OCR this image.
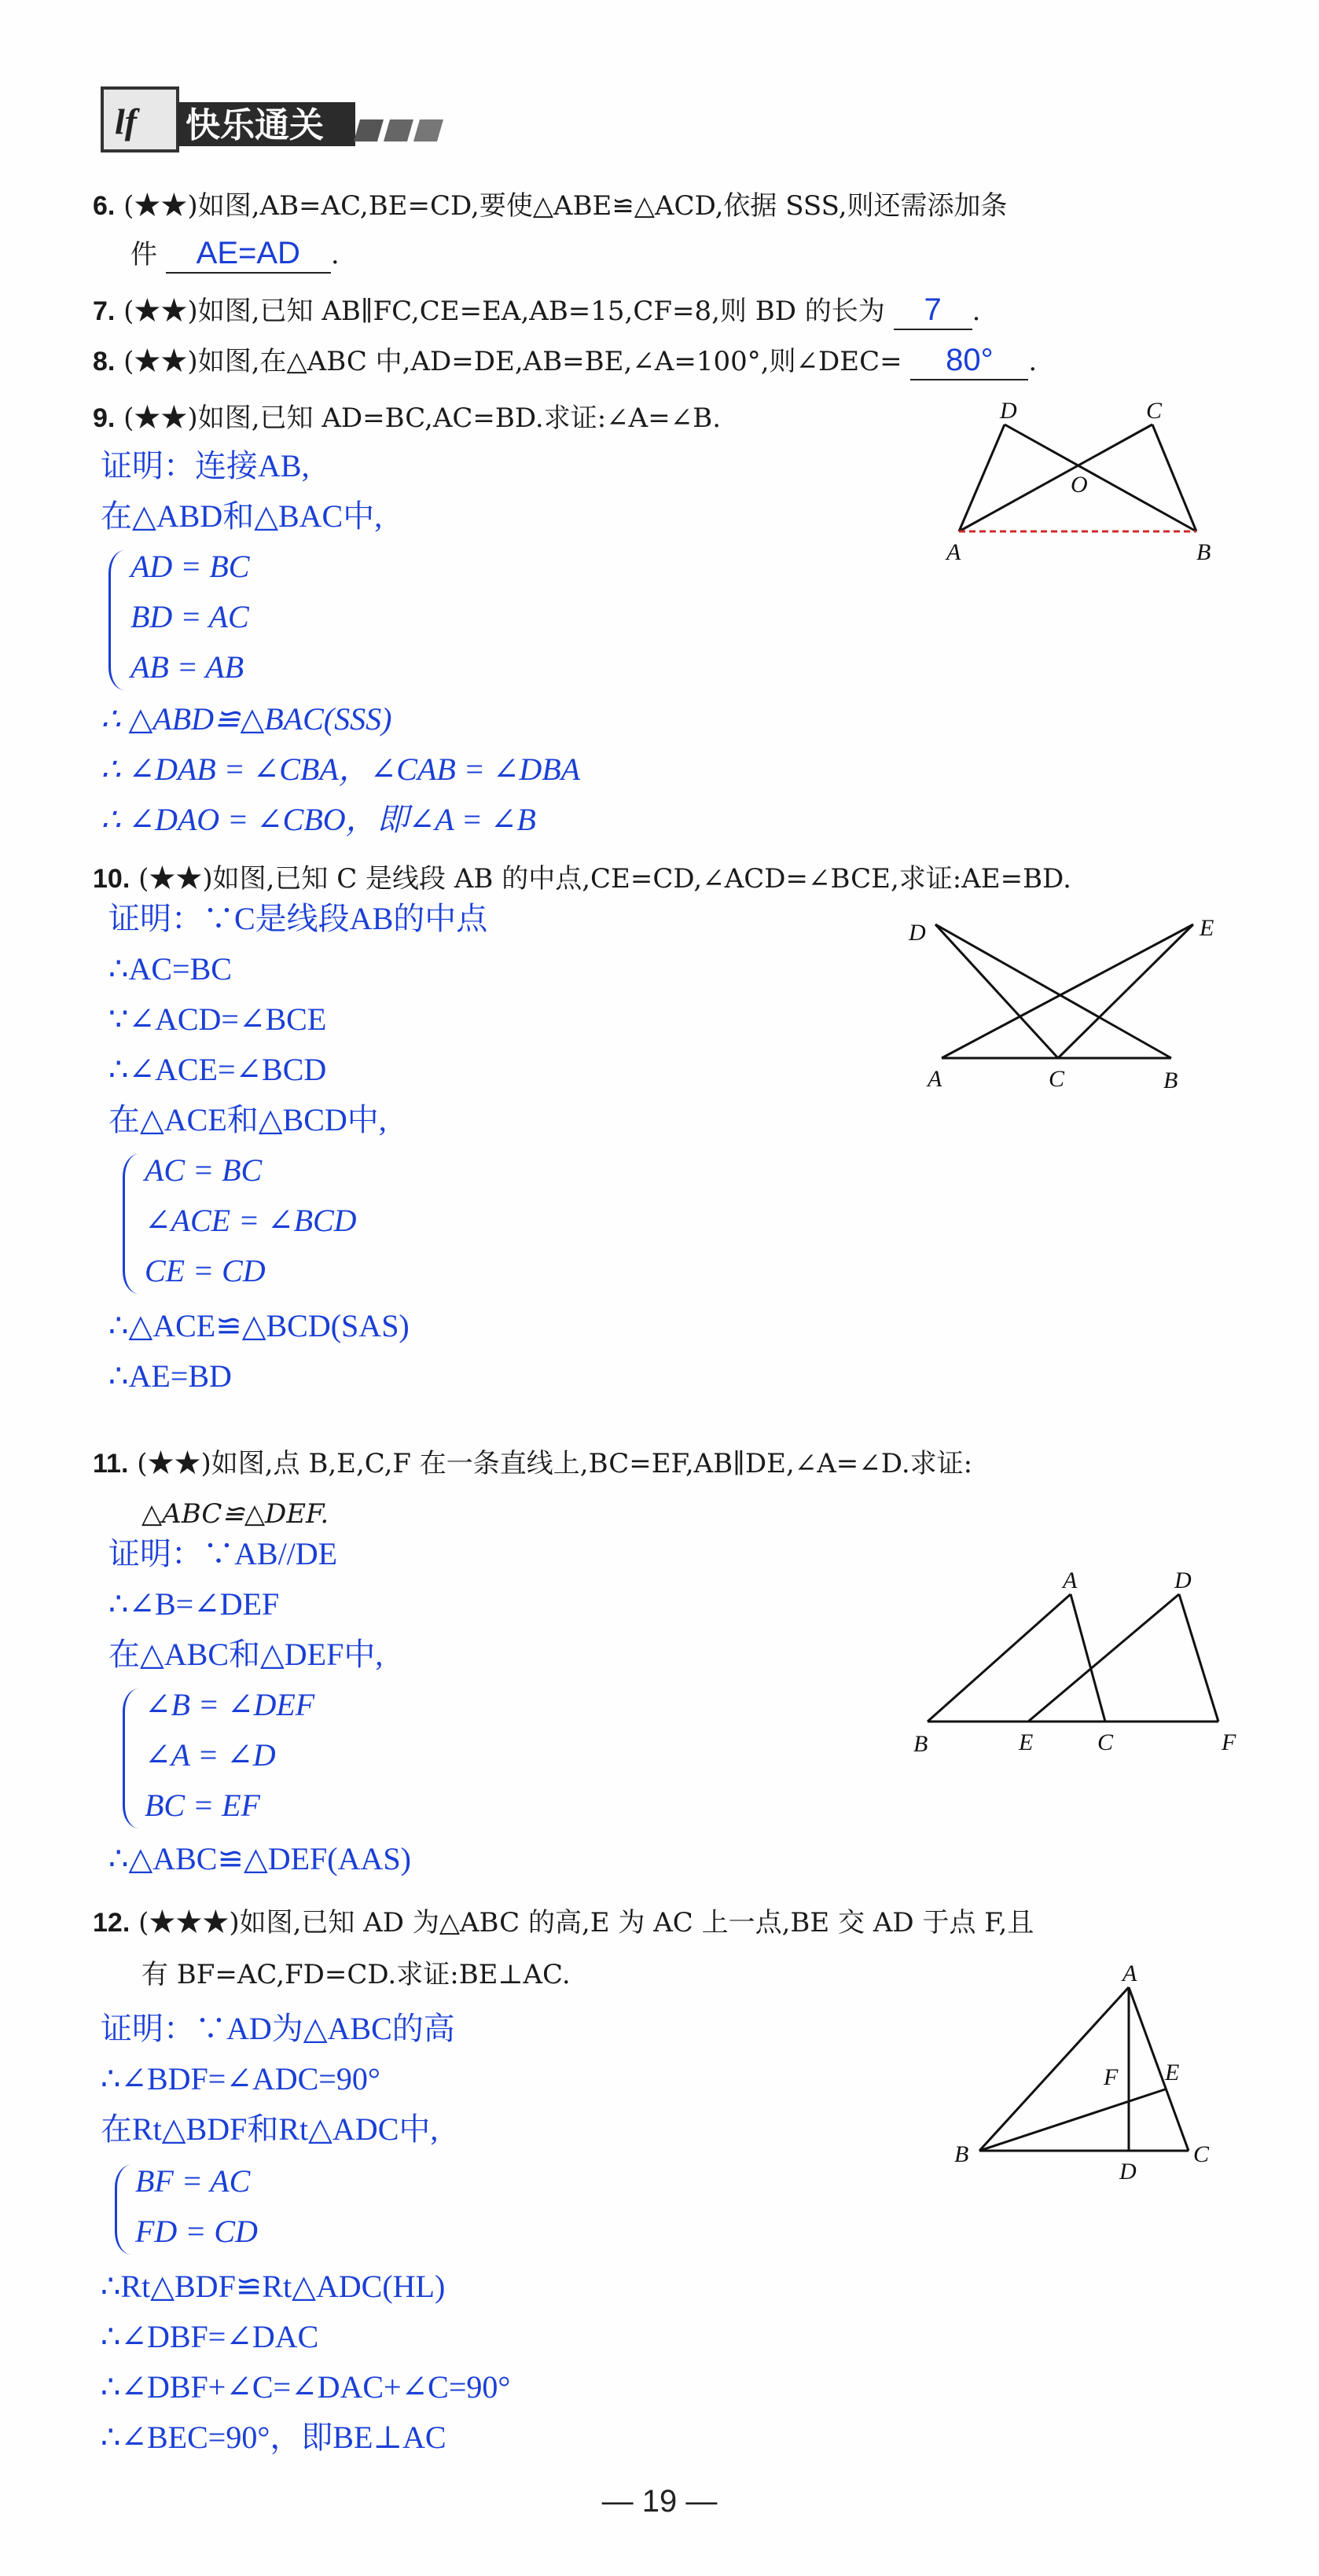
lf 快乐通关
6. (★★)如图,AB=AC,BE=CD,要使△ABE≌△ACD,依据 SSS,则还需添加条
件 AE=AD .
7. (★★)如图,已知 AB∥FC,CE=EA,AB=15,CF=8,则 BD 的长为 7 .
8. (★★)如图,在△ABC 中,AD=DE,AB=BE,∠A=100°,则∠DEC= 80° .
9. (★★)如图,已知 AD=BC,AC=BD.求证:∠A=∠B.
证明：连接AB,
在△ABD和△BAC中,
AD = BC
BD = AC
AB = AB
∴ △ABD≌△BAC(SSS)
∴ ∠DAB = ∠CBA，∠CAB = ∠DBA
∴ ∠DAO = ∠CBO，即∠A = ∠B
D	C
O
A	B
10. (★★)如图,已知 C 是线段 AB 的中点,CE=CD,∠ACD=∠BCE,求证:AE=BD.
证明：∵C是线段AB的中点
∴AC=BC
∵∠ACD=∠BCE
∴∠ACE=∠BCD
在△ACE和△BCD中,
AC = BC
∠ACE = ∠BCD
CE = CD
∴△ACE≌△BCD(SAS)
∴AE=BD
D	E
A	C	B
11. (★★)如图,点 B,E,C,F 在一条直线上,BC=EF,AB∥DE,∠A=∠D.求证:
△ABC≌△DEF.
证明：∵AB//DE
∴∠B=∠DEF
在△ABC和△DEF中,
∠B = ∠DEF
∠A = ∠D
BC = EF
∴△ABC≌△DEF(AAS)
A	D
B	E	C	F
12. (★★★)如图,已知 AD 为△ABC 的高,E 为 AC 上一点,BE 交 AD 于点 F,且
有 BF=AC,FD=CD.求证:BE⊥AC.
证明：∵AD为△ABC的高
∴∠BDF=∠ADC=90°
在Rt△BDF和Rt△ADC中,
BF = AC
FD = CD
∴Rt△BDF≌Rt△ADC(HL)
∴∠DBF=∠DAC
∴∠DBF+∠C=∠DAC+∠C=90°
∴∠BEC=90°，即BE⊥AC
A
F E
B
D
C
— 19 —
